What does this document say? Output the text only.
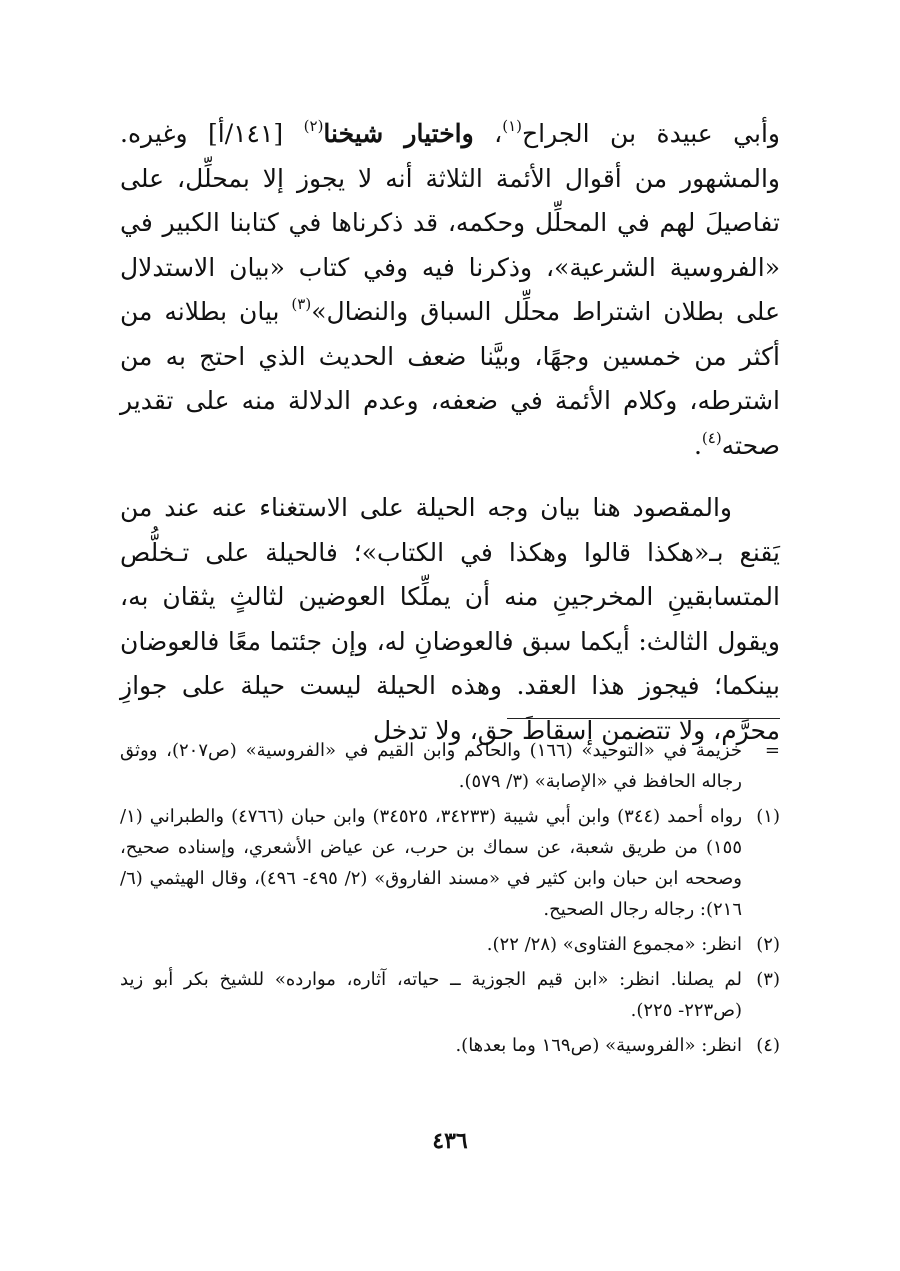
وأبي عبيدة بن الجراح$^{(١)}$، واختيار شيخنا$^{(٢)}$ [١٤١/أ] وغيره. والمشهور من أقوال الأئمة الثلاثة أنه لا يجوز إلا بمحلِّل، على تفاصيلَ لهم في المحلِّل وحكمه، قد ذكرناها في كتابنا الكبير في «الفروسية الشرعية»، وذكرنا فيه وفي كتاب «بيان الاستدلال على بطلان اشتراط محلِّل السباق والنضال»$^{(٣)}$ بيان بطلانه من أكثر من خمسين وجهًا، وبيَّنا ضعف الحديث الذي احتج به من اشترطه، وكلام الأئمة في ضعفه، وعدم الدلالة منه على تقدير صحته$^{(٤)}$.

والمقصود هنا بيان وجه الحيلة على الاستغناء عنه عند من يَقنع بـ«هكذا قالوا وهكذا في الكتاب»؛ فالحيلة على تـخلُّص المتسابقينِ المخرجينِ منه أن يملِّكا العوضين لثالثٍ يثقان به، ويقول الثالث: أيكما سبق فالعوضانِ له، وإن جئتما معًا فالعوضان بينكما؛ فيجوز هذا العقد. وهذه الحيلة ليست حيلة على جوازِ محرَّم، ولا تتضمن إسقاطَ حق، ولا تدخل

=
خزيمة في «التوحيد» (١٦٦) والحاكم وابن القيم في «الفروسية» (ص٢٠٧)، ووثق رجاله الحافظ في «الإصابة» (٣/ ٥٧٩).
(١)
رواه أحمد (٣٤٤) وابن أبي شيبة (٣٤٢٣٣، ٣٤٥٢٥) وابن حبان (٤٧٦٦) والطبراني (١/ ١٥٥) من طريق شعبة، عن سماك بن حرب، عن عياض الأشعري، وإسناده صحيح، وصححه ابن حبان وابن كثير في «مسند الفاروق» (٢/ ٤٩٥- ٤٩٦)، وقال الهيثمي (٦/ ٢١٦): رجاله رجال الصحيح.
(٢)
انظر: «مجموع الفتاوى» (٢٨/ ٢٢).
(٣)
لم يصلنا. انظر: «ابن قيم الجوزية ــ حياته، آثاره، موارده» للشيخ بكر أبو زيد (ص٢٢٣- ٢٢٥).
(٤)
انظر: «الفروسية» (ص١٦٩ وما بعدها).
٤٣٦
